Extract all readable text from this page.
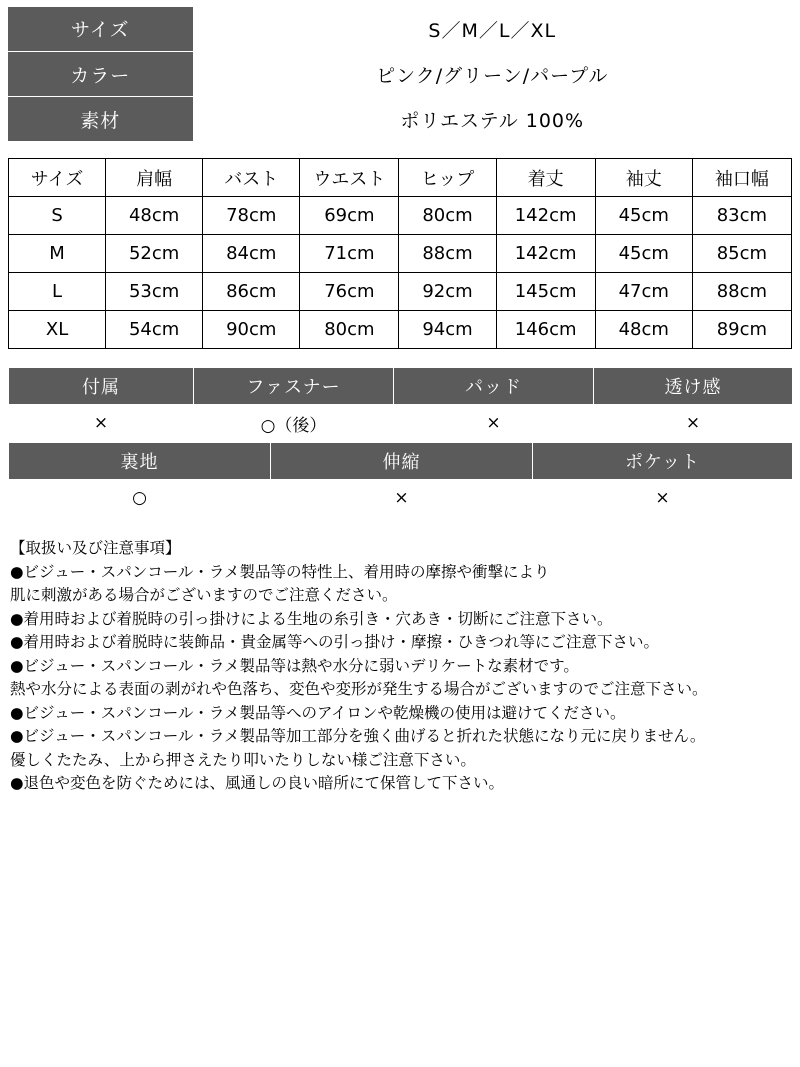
サイズ	S／M／L／XL
カラー	ピンク/グリーン/パープル
素材	ポリエステル 100%
サイズ	肩幅	バスト	ウエスト	ヒップ	着丈	袖丈	袖口幅
S	48cm	78cm	69cm	80cm	142cm	45cm	83cm
M	52cm	84cm	71cm	88cm	142cm	45cm	85cm
L	53cm	86cm	76cm	92cm	145cm	47cm	88cm
XL	54cm	90cm	80cm	94cm	146cm	48cm	89cm
付属	ファスナー	パッド	透け感
×	○（後）	×	×
裏地	伸縮	ポケット
○	×	×

【取扱い及び注意事項】

●ビジュー・スパンコール・ラメ製品等の特性上、着用時の摩擦や衝撃により

肌に刺激がある場合がございますのでご注意ください。

●着用時および着脱時の引っ掛けによる生地の糸引き・穴あき・切断にご注意下さい。

●着用時および着脱時に装飾品・貴金属等への引っ掛け・摩擦・ひきつれ等にご注意下さい。

●ビジュー・スパンコール・ラメ製品等は熱や水分に弱いデリケートな素材です。

熱や水分による表面の剥がれや色落ち、変色や変形が発生する場合がございますのでご注意下さい。

●ビジュー・スパンコール・ラメ製品等へのアイロンや乾燥機の使用は避けてください。

●ビジュー・スパンコール・ラメ製品等加工部分を強く曲げると折れた状態になり元に戻りません。

優しくたたみ、上から押さえたり叩いたりしない様ご注意下さい。

●退色や変色を防ぐためには、風通しの良い暗所にて保管して下さい。
